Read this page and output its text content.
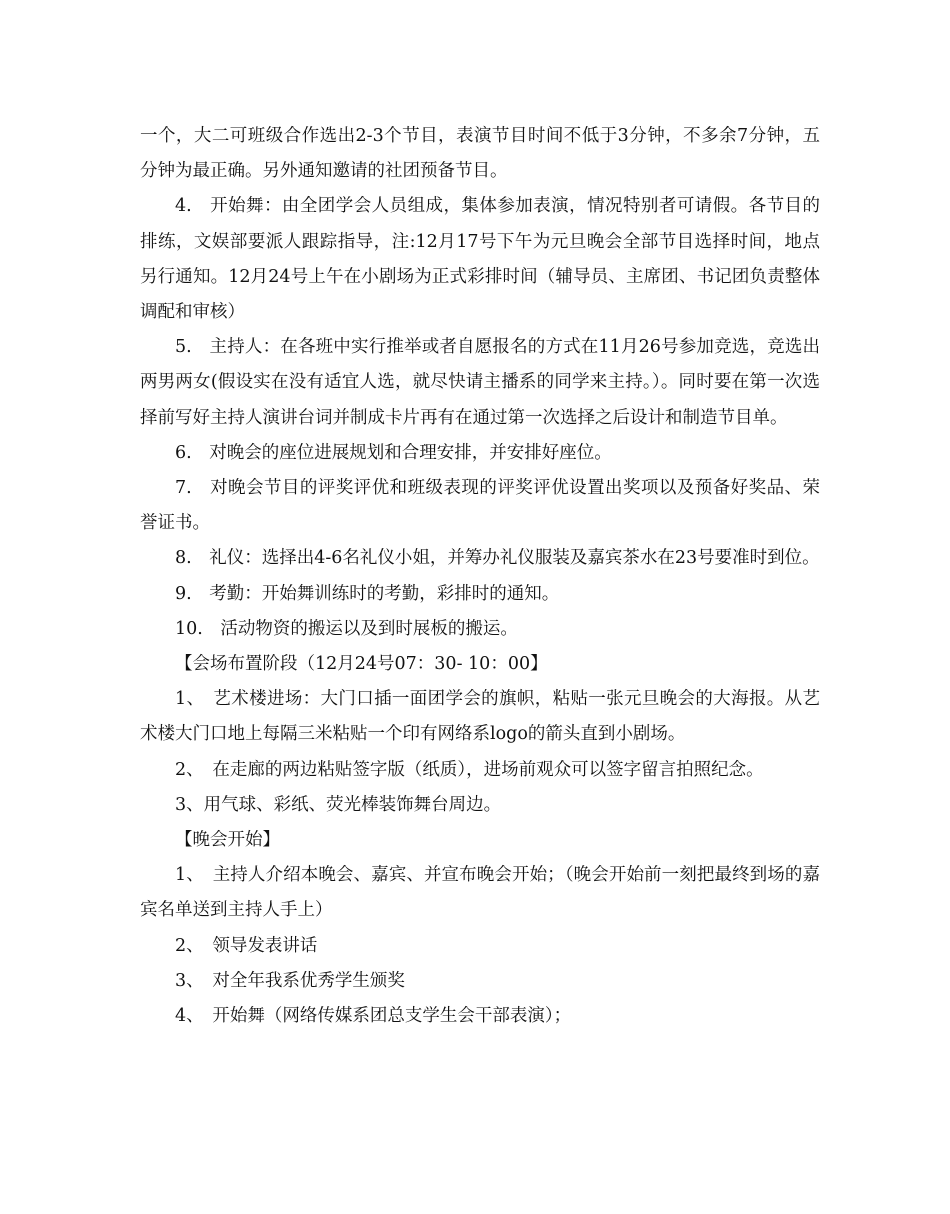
一个，大二可班级合作选出2-3个节目，表演节目时间不低于3分钟，不多余7分钟，五分钟为最正确。另外通知邀请的社团预备节目。

4.　开始舞：由全团学会人员组成，集体参加表演，情况特别者可请假。各节目的排练，文娱部要派人跟踪指导，注:12月17号下午为元旦晚会全部节目选择时间，地点另行通知。12月24号上午在小剧场为正式彩排时间（辅导员、主席团、书记团负责整体调配和审核）

5.　主持人：在各班中实行推举或者自愿报名的方式在11月26号参加竞选，竞选出两男两女(假设实在没有适宜人选，就尽快请主播系的同学来主持。）。同时要在第一次选择前写好主持人演讲台词并制成卡片再有在通过第一次选择之后设计和制造节目单。

6.　对晚会的座位进展规划和合理安排，并安排好座位。

7.　对晚会节目的评奖评优和班级表现的评奖评优设置出奖项以及预备好奖品、荣誉证书。

8.　礼仪：选择出4-6名礼仪小姐，并筹办礼仪服装及嘉宾茶水在23号要准时到位。

9.　考勤：开始舞训练时的考勤，彩排时的通知。

10.　活动物资的搬运以及到时展板的搬运。

【会场布置阶段（12月24号07：30- 10：00】

1、　艺术楼进场：大门口插一面团学会的旗帜，粘贴一张元旦晚会的大海报。从艺术楼大门口地上每隔三米粘贴一个印有网络系logo的箭头直到小剧场。

2、　在走廊的两边粘贴签字版（纸质），进场前观众可以签字留言拍照纪念。

3、用气球、彩纸、荧光棒装饰舞台周边。

【晚会开始】

1、　主持人介绍本晚会、嘉宾、并宣布晚会开始；（晚会开始前一刻把最终到场的嘉宾名单送到主持人手上）

2、　领导发表讲话

3、　对全年我系优秀学生颁奖

4、　开始舞（网络传媒系团总支学生会干部表演）；
